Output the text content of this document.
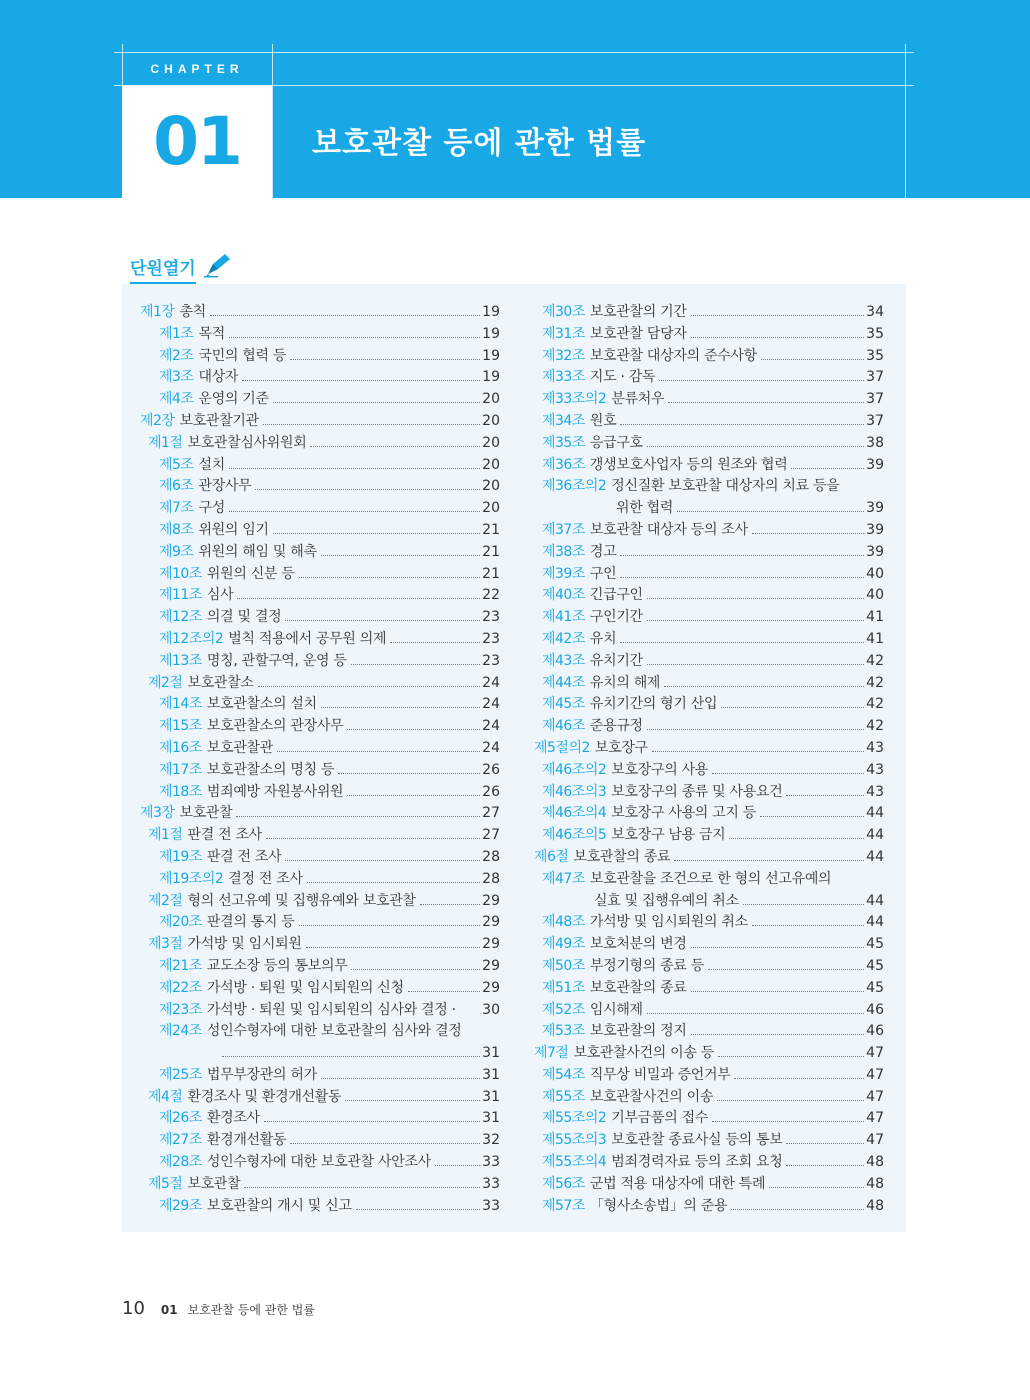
CHAPTER
01	보호관찰 등에 관한 법률
단원열기
제1장 총칙	19
제1조 목적	19
제2조 국민의 협력 등	19
제3조 대상자	19
제4조 운영의 기준	20
제2장 보호관찰기관	20
제1절 보호관찰심사위원회	20
제5조 설치	20
제6조 관장사무	20
제7조 구성	20
제8조 위원의 임기	21
제9조 위원의 해임 및 해촉	21
제10조 위원의 신분 등	21
제11조 심사	22
제12조 의결 및 결정	23
제12조의2 벌칙 적용에서 공무원 의제	23
제13조 명칭, 관할구역, 운영 등	23
제2절 보호관찰소	24
제14조 보호관찰소의 설치	24
제15조 보호관찰소의 관장사무	24
제16조 보호관찰관	24
제17조 보호관찰소의 명칭 등	26
제18조 범죄예방 자원봉사위원	26
제3장 보호관찰	27
제1절 판결 전 조사	27
제19조 판결 전 조사	28
제19조의2 결정 전 조사	28
제2절 형의 선고유예 및 집행유예와 보호관찰	29
제20조 판결의 통지 등	29
제3절 가석방 및 임시퇴원	29
제21조 교도소장 등의 통보의무	29
제22조 가석방 · 퇴원 및 임시퇴원의 신청	29
제23조 가석방 · 퇴원 및 임시퇴원의 심사와 결정 · 30
제24조 성인수형자에 대한 보호관찰의 심사와 결정
31
제25조 법무부장관의 허가	31
제4절 환경조사 및 환경개선활동	31
제26조 환경조사	31
제27조 환경개선활동	32
제28조 성인수형자에 대한 보호관찰 사안조사	33
제5절 보호관찰	33
제29조 보호관찰의 개시 및 신고	33
제30조 보호관찰의 기간	34
제31조 보호관찰 담당자	35
제32조 보호관찰 대상자의 준수사항	35
제33조 지도 · 감독	37
제33조의2 분류처우	37
제34조 원호	37
제35조 응급구호	38
제36조 갱생보호사업자 등의 원조와 협력	39
제36조의2 정신질환 보호관찰 대상자의 치료 등을
위한 협력	39
제37조 보호관찰 대상자 등의 조사	39
제38조 경고	39
제39조 구인	40
제40조 긴급구인	40
제41조 구인기간	41
제42조 유치	41
제43조 유치기간	42
제44조 유치의 해제	42
제45조 유치기간의 형기 산입	42
제46조 준용규정	42
제5절의2 보호장구	43
제46조의2 보호장구의 사용	43
제46조의3 보호장구의 종류 및 사용요건	43
제46조의4 보호장구 사용의 고지 등	44
제46조의5 보호장구 남용 금지	44
제6절 보호관찰의 종료	44
제47조 보호관찰을 조건으로 한 형의 선고유예의
실효 및 집행유예의 취소	44
제48조 가석방 및 임시퇴원의 취소	44
제49조 보호처분의 변경	45
제50조 부정기형의 종료 등	45
제51조 보호관찰의 종료	45
제52조 임시해제	46
제53조 보호관찰의 정지	46
제7절 보호관찰사건의 이송 등	47
제54조 직무상 비밀과 증언거부	47
제55조 보호관찰사건의 이송	47
제55조의2 기부금품의 접수	47
제55조의3 보호관찰 종료사실 등의 통보	47
제55조의4 범죄경력자료 등의 조회 요청	48
제56조 군법 적용 대상자에 대한 특례	48
제57조 「형사소송법」의 준용	48
10 01 보호관찰 등에 관한 법률
